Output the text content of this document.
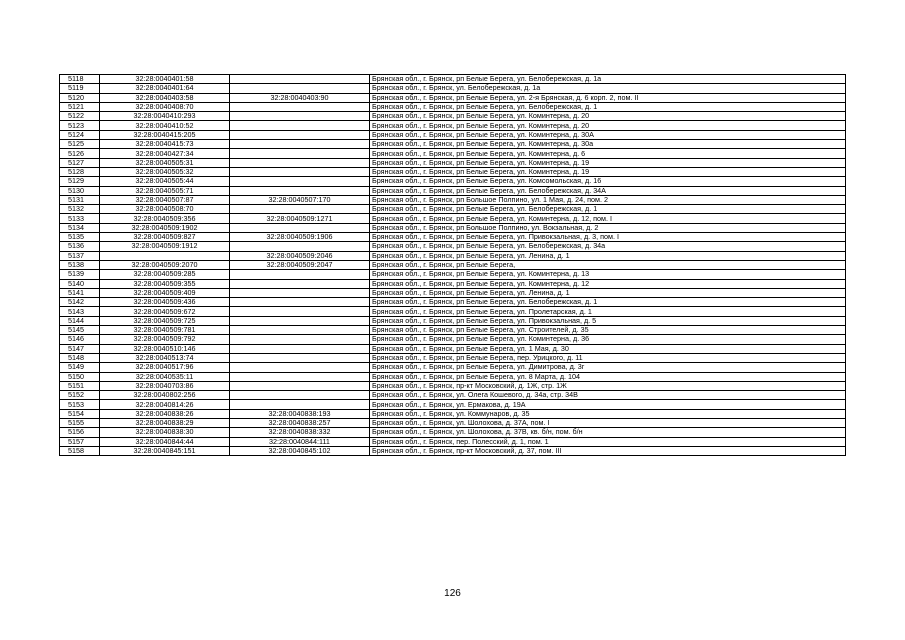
5118	32:28:0040401:58		Брянская обл., г. Брянск, рп Белые Берега, ул. Белобережская, д. 1а
5119	32:28:0040401:64		Брянская обл., г. Брянск, ул. Белобережская, д. 1а
5120	32:28:0040403:58	32:28:0040403:90	Брянская обл., г. Брянск, рп Белые Берега, ул. 2-я Брянская, д. 6 корп. 2, пом. II
5121	32:28:0040408:70		Брянская обл., г. Брянск, рп Белые Берега, ул. Белобережская, д. 1
5122	32:28:0040410:293		Брянская обл., г. Брянск, рп Белые Берега, ул. Коминтерна, д. 20
5123	32:28:0040410:52		Брянская обл., г. Брянск, рп Белые Берега, ул. Коминтерна, д. 20
5124	32:28:0040415:205		Брянская обл., г. Брянск, рп Белые Берега, ул. Коминтерна, д. 30А
5125	32:28:0040415:73		Брянская обл., г. Брянск, рп Белые Берега, ул. Коминтерна, д. 30а
5126	32:28:0040427:34		Брянская обл., г. Брянск, рп Белые Берега, ул. Коминтерна, д. 6
5127	32:28:0040505:31		Брянская обл., г. Брянск, рп Белые Берега, ул. Коминтерна, д. 19
5128	32:28:0040505:32		Брянская обл., г. Брянск, рп Белые Берега, ул. Коминтерна, д. 19
5129	32:28:0040505:44		Брянская обл., г. Брянск, рп Белые Берега, ул. Комсомольская, д. 16
5130	32:28:0040505:71		Брянская обл., г. Брянск, рп Белые Берега, ул. Белобережская, д. 34А
5131	32:28:0040507:87	32:28:0040507:170	Брянская обл., г. Брянск, рп Большое Полпино, ул. 1 Мая, д. 24, пом. 2
5132	32:28:0040508:70		Брянская обл., г. Брянск, рп Белые Берега, ул. Белобережская, д. 1
5133	32:28:0040509:356	32:28:0040509:1271	Брянская обл., г. Брянск, рп Белые Берега, ул. Коминтерна, д. 12, пом. I
5134	32:28:0040509:1902		Брянская обл., г. Брянск, рп Большое Полпино, ул. Вокзальная, д. 2
5135	32:28:0040509:827	32:28:0040509:1906	Брянская обл., г. Брянск, рп Белые Берега, ул. Привокзальная, д. 3, пом. I
5136	32:28:0040509:1912		Брянская обл., г. Брянск, рп Белые Берега, ул. Белобережская, д. 34а
5137		32:28:0040509:2046	Брянская обл., г. Брянск, рп Белые Берега, ул. Ленина, д. 1
5138	32:28:0040509:2070	32:28:0040509:2047	Брянская обл., г. Брянск, рп Белые Берега,
5139	32:28:0040509:285		Брянская обл., г. Брянск, рп Белые Берега, ул. Коминтерна, д. 13
5140	32:28:0040509:355		Брянская обл., г. Брянск, рп Белые Берега, ул. Коминтерна, д. 12
5141	32:28:0040509:409		Брянская обл., г. Брянск, рп Белые Берега, ул. Ленина, д. 1
5142	32:28:0040509:436		Брянская обл., г. Брянск, рп Белые Берега, ул. Белобережская, д. 1
5143	32:28:0040509:672		Брянская обл., г. Брянск, рп Белые Берега, ул. Пролетарская, д. 1
5144	32:28:0040509:725		Брянская обл., г. Брянск, рп Белые Берега, ул. Привокзальная, д. 5
5145	32:28:0040509:781		Брянская обл., г. Брянск, рп Белые Берега, ул. Строителей, д. 35
5146	32:28:0040509:792		Брянская обл., г. Брянск, рп Белые Берега, ул. Коминтерна, д. 36
5147	32:28:0040510:146		Брянская обл., г. Брянск, рп Белые Берега, ул. 1 Мая, д. 30
5148	32:28:0040513:74		Брянская обл., г. Брянск, рп Белые Берега, пер. Урицкого, д. 11
5149	32:28:0040517:96		Брянская обл., г. Брянск, рп Белые Берега, ул. Димитрова, д. 3г
5150	32:28:0040535:11		Брянская обл., г. Брянск, рп Белые Берега, ул. 8 Марта, д. 104
5151	32:28:0040703:86		Брянская обл., г. Брянск, пр-кт Московский, д. 1Ж, стр. 1Ж
5152	32:28:0040802:256		Брянская обл., г. Брянск, ул. Олега Кошевого, д. 34а, стр. 34В
5153	32:28:0040814:26		Брянская обл., г. Брянск, ул. Ермакова, д. 19А
5154	32:28:0040838:26	32:28:0040838:193	Брянская обл., г. Брянск, ул. Коммунаров, д. 35
5155	32:28:0040838:29	32:28:0040838:257	Брянская обл., г. Брянск, ул. Шолохова, д. 37А, пом. I
5156	32:28:0040838:30	32:28:0040838:332	Брянская обл., г. Брянск, ул. Шолохова, д. 37В, кв. б/н, пом. б/н
5157	32:28:0040844:44	32:28:0040844:111	Брянская обл., г. Брянск, пер. Полесский, д. 1, пом. 1
5158	32:28:0040845:151	32:28:0040845:102	Брянская обл., г. Брянск, пр-кт Московский, д. 37, пом. III
126
